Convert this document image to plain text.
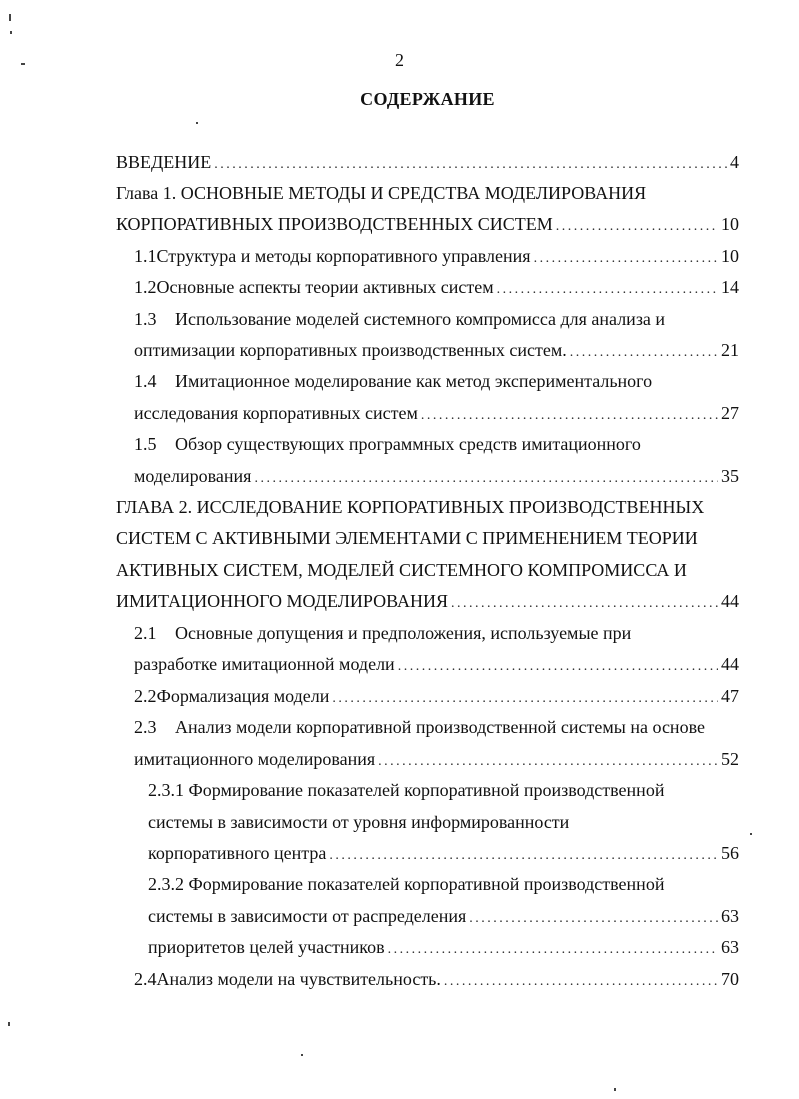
2
СОДЕРЖАНИЕ
ВВЕДЕНИЕ . . .	4
Глава 1. ОСНОВНЫЕ МЕТОДЫ И СРЕДСТВА МОДЕЛИРОВАНИЯ
КОРПОРАТИВНЫХ ПРОИЗВОДСТВЕННЫХ СИСТЕМ . . .	10
1.1 Структура и методы корпоративного управления . . .	10
1.2 Основные аспекты теории активных систем . . .	14
1.3 Использование моделей системного компромисса для анализа и
оптимизации корпоративных производственных систем. . . .	21
1.4 Имитационное моделирование как метод экспериментального
исследования корпоративных систем . . .	27
1.5 Обзор существующих программных средств имитационного
моделирования . . .	35
ГЛАВА 2. ИССЛЕДОВАНИЕ КОРПОРАТИВНЫХ ПРОИЗВОДСТВЕННЫХ
СИСТЕМ С АКТИВНЫМИ ЭЛЕМЕНТАМИ С ПРИМЕНЕНИЕМ ТЕОРИИ
АКТИВНЫХ СИСТЕМ, МОДЕЛЕЙ СИСТЕМНОГО КОМПРОМИССА И
ИМИТАЦИОННОГО МОДЕЛИРОВАНИЯ . . .	44
2.1 Основные допущения и предположения, используемые при
разработке имитационной модели . . .	44
2.2 Формализация модели . . .	47
2.3 Анализ модели корпоративной производственной системы на основе
имитационного моделирования . . .	52
2.3.1 Формирование показателей корпоративной производственной
системы в зависимости от уровня информированности
корпоративного центра . . .	56
2.3.2 Формирование показателей корпоративной производственной
системы в зависимости от распределения . . .	63
приоритетов целей участников . . .	63
2.4 Анализ модели на чувствительность. . . .	70
